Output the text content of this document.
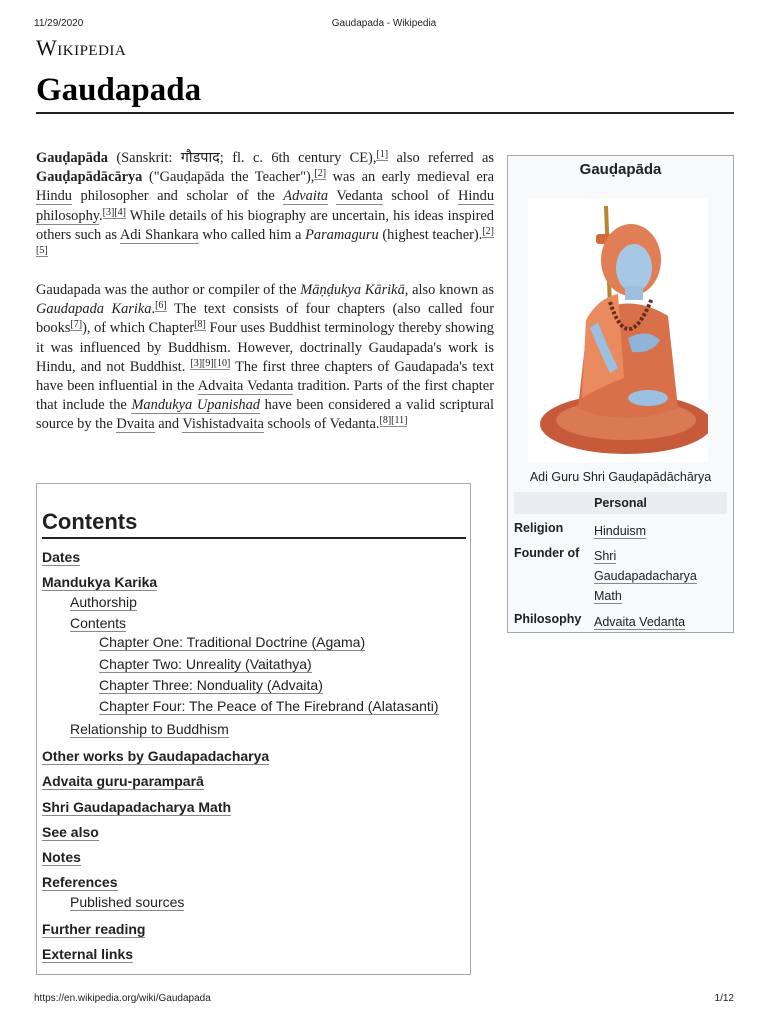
11/29/2020	Gaudapada - Wikipedia
Wikipedia
Gaudapada

Gauḍapāda (Sanskrit: गौडपाद; fl. c. 6th century CE),[1] also referred as Gauḍapādācārya ("Gauḍapāda the Teacher"),[2] was an early medieval era Hindu philosopher and scholar of the Advaita Vedanta school of Hindu philosophy.[3][4] While details of his biography are uncertain, his ideas inspired others such as Adi Shankara who called him a Paramaguru (highest teacher).[2][5]

Gaudapada was the author or compiler of the Māṇḍukya Kārikā, also known as Gaudapada Karika.[6] The text consists of four chapters (also called four books[7]), of which Chapter[8] Four uses Buddhist terminology thereby showing it was influenced by Buddhism. However, doctrinally Gaudapada's work is Hindu, and not Buddhist. [3][9][10] The first three chapters of Gaudapada's text have been influential in the Advaita Vedanta tradition. Parts of the first chapter that include the Mandukya Upanishad have been considered a valid scriptural source by the Dvaita and Vishistadvaita schools of Vedanta.[8][11]

Gauḍapāda
Adi Guru Shri Gauḍapādāchārya
Personal
Religion	Hinduism
Founder of	Shri
Gaudapadacharya
Math
Philosophy	Advaita Vedanta
Contents
Dates
Mandukya Karika
Authorship
Contents
Chapter One: Traditional Doctrine (Agama)
Chapter Two: Unreality (Vaitathya)
Chapter Three: Nonduality (Advaita)
Chapter Four: The Peace of The Firebrand (Alatasanti)
Relationship to Buddhism
Other works by Gaudapadacharya
Advaita guru-paramparā
Shri Gaudapadacharya Math
See also
Notes
References
Published sources
Further reading
External links
https://en.wikipedia.org/wiki/Gaudapada	1/12
